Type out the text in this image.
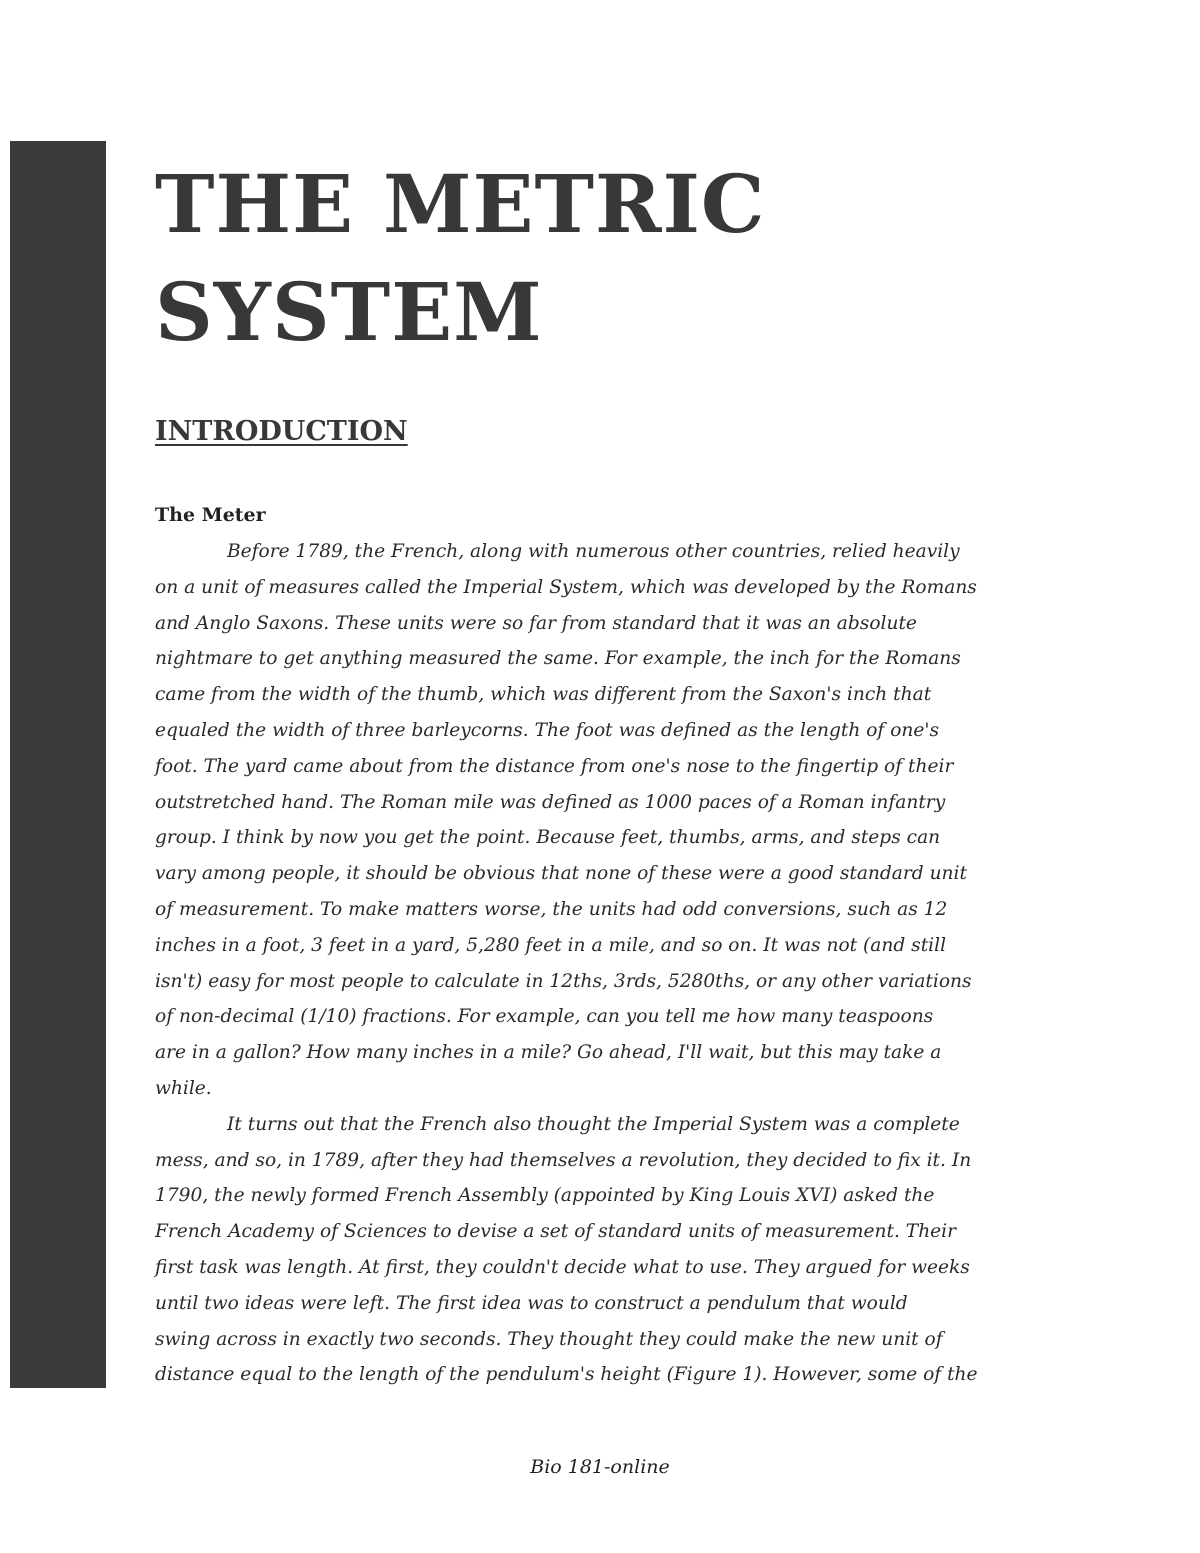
THE METRIC
SYSTEM
INTRODUCTION
The Meter
Before 1789, the French, along with numerous other countries, relied heavily
on a unit of measures called the Imperial System, which was developed by the Romans
and Anglo Saxons. These units were so far from standard that it was an absolute
nightmare to get anything measured the same. For example, the inch for the Romans
came from the width of the thumb, which was different from the Saxon's inch that
equaled the width of three barleycorns. The foot was defined as the length of one's
foot. The yard came about from the distance from one's nose to the fingertip of their
outstretched hand. The Roman mile was defined as 1000 paces of a Roman infantry
group. I think by now you get the point. Because feet, thumbs, arms, and steps can
vary among people, it should be obvious that none of these were a good standard unit
of measurement. To make matters worse, the units had odd conversions, such as 12
inches in a foot, 3 feet in a yard, 5,280 feet in a mile, and so on. It was not (and still
isn't) easy for most people to calculate in 12ths, 3rds, 5280ths, or any other variations
of non-decimal (1/10) fractions. For example, can you tell me how many teaspoons
are in a gallon? How many inches in a mile? Go ahead, I'll wait, but this may take a
while.
It turns out that the French also thought the Imperial System was a complete
mess, and so, in 1789, after they had themselves a revolution, they decided to fix it. In
1790, the newly formed French Assembly (appointed by King Louis XVI) asked the
French Academy of Sciences to devise a set of standard units of measurement. Their
first task was length. At first, they couldn't decide what to use. They argued for weeks
until two ideas were left. The first idea was to construct a pendulum that would
swing across in exactly two seconds. They thought they could make the new unit of
distance equal to the length of the pendulum's height (Figure 1). However, some of the
Bio 181-online
